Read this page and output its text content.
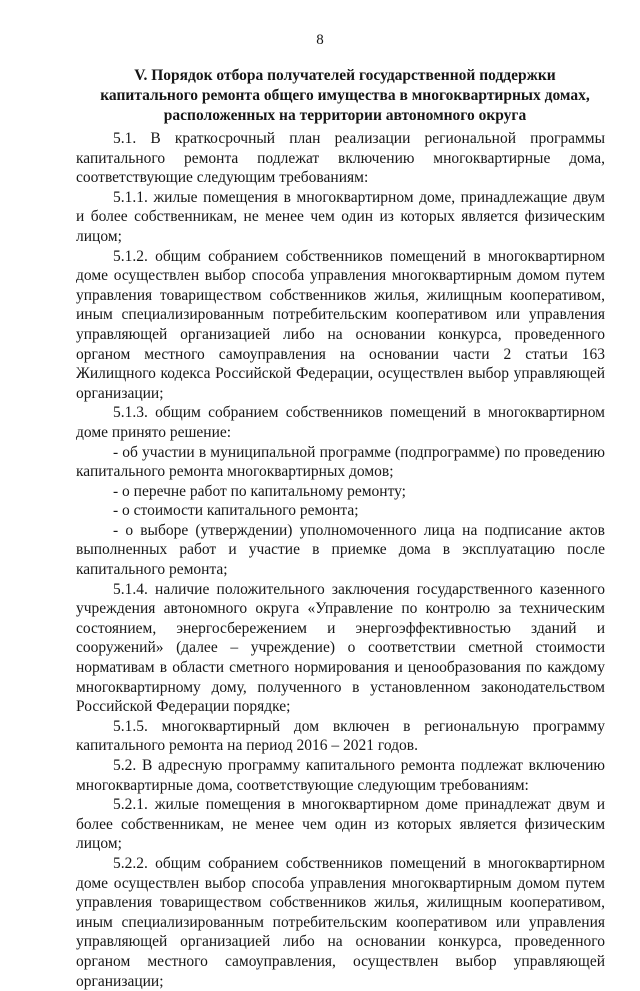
8
V. Порядок отбора получателей государственной поддержки капитального ремонта общего имущества в многоквартирных домах, расположенных на территории автономного округа

5.1. В краткосрочный план реализации региональной программы капитального ремонта подлежат включению многоквартирные дома, соответствующие следующим требованиям:

5.1.1. жилые помещения в многоквартирном доме, принадлежащие двум и более собственникам, не менее чем один из которых является физическим лицом;

5.1.2. общим собранием собственников помещений в многоквартирном доме осуществлен выбор способа управления многоквартирным домом путем управления товариществом собственников жилья, жилищным кооперативом, иным специализированным потребительским кооперативом или управления управляющей организацией либо на основании конкурса, проведенного органом местного самоуправления на основании части 2 статьи 163 Жилищного кодекса Российской Федерации, осуществлен выбор управляющей организации;

5.1.3. общим собранием собственников помещений в многоквартирном доме принято решение:

- об участии в муниципальной программе (подпрограмме) по проведению капитального ремонта многоквартирных домов;

- о перечне работ по капитальному ремонту;

- о стоимости капитального ремонта;

- о выборе (утверждении) уполномоченного лица на подписание актов выполненных работ и участие в приемке дома в эксплуатацию после капитального ремонта;

5.1.4. наличие положительного заключения государственного казенного учреждения автономного округа «Управление по контролю за техническим состоянием, энергосбережением и энергоэффективностью зданий и сооружений» (далее – учреждение) о соответствии сметной стоимости нормативам в области сметного нормирования и ценообразования по каждому многоквартирному дому, полученного в установленном законодательством Российской Федерации порядке;

5.1.5. многоквартирный дом включен в региональную программу капитального ремонта на период 2016 – 2021 годов.

5.2. В адресную программу капитального ремонта подлежат включению многоквартирные дома, соответствующие следующим требованиям:

5.2.1. жилые помещения в многоквартирном доме принадлежат двум и более собственникам, не менее чем один из которых является физическим лицом;

5.2.2. общим собранием собственников помещений в многоквартирном доме осуществлен выбор способа управления многоквартирным домом путем управления товариществом собственников жилья, жилищным кооперативом, иным специализированным потребительским кооперативом или управления управляющей организацией либо на основании конкурса, проведенного органом местного самоуправления, осуществлен выбор управляющей организации;
